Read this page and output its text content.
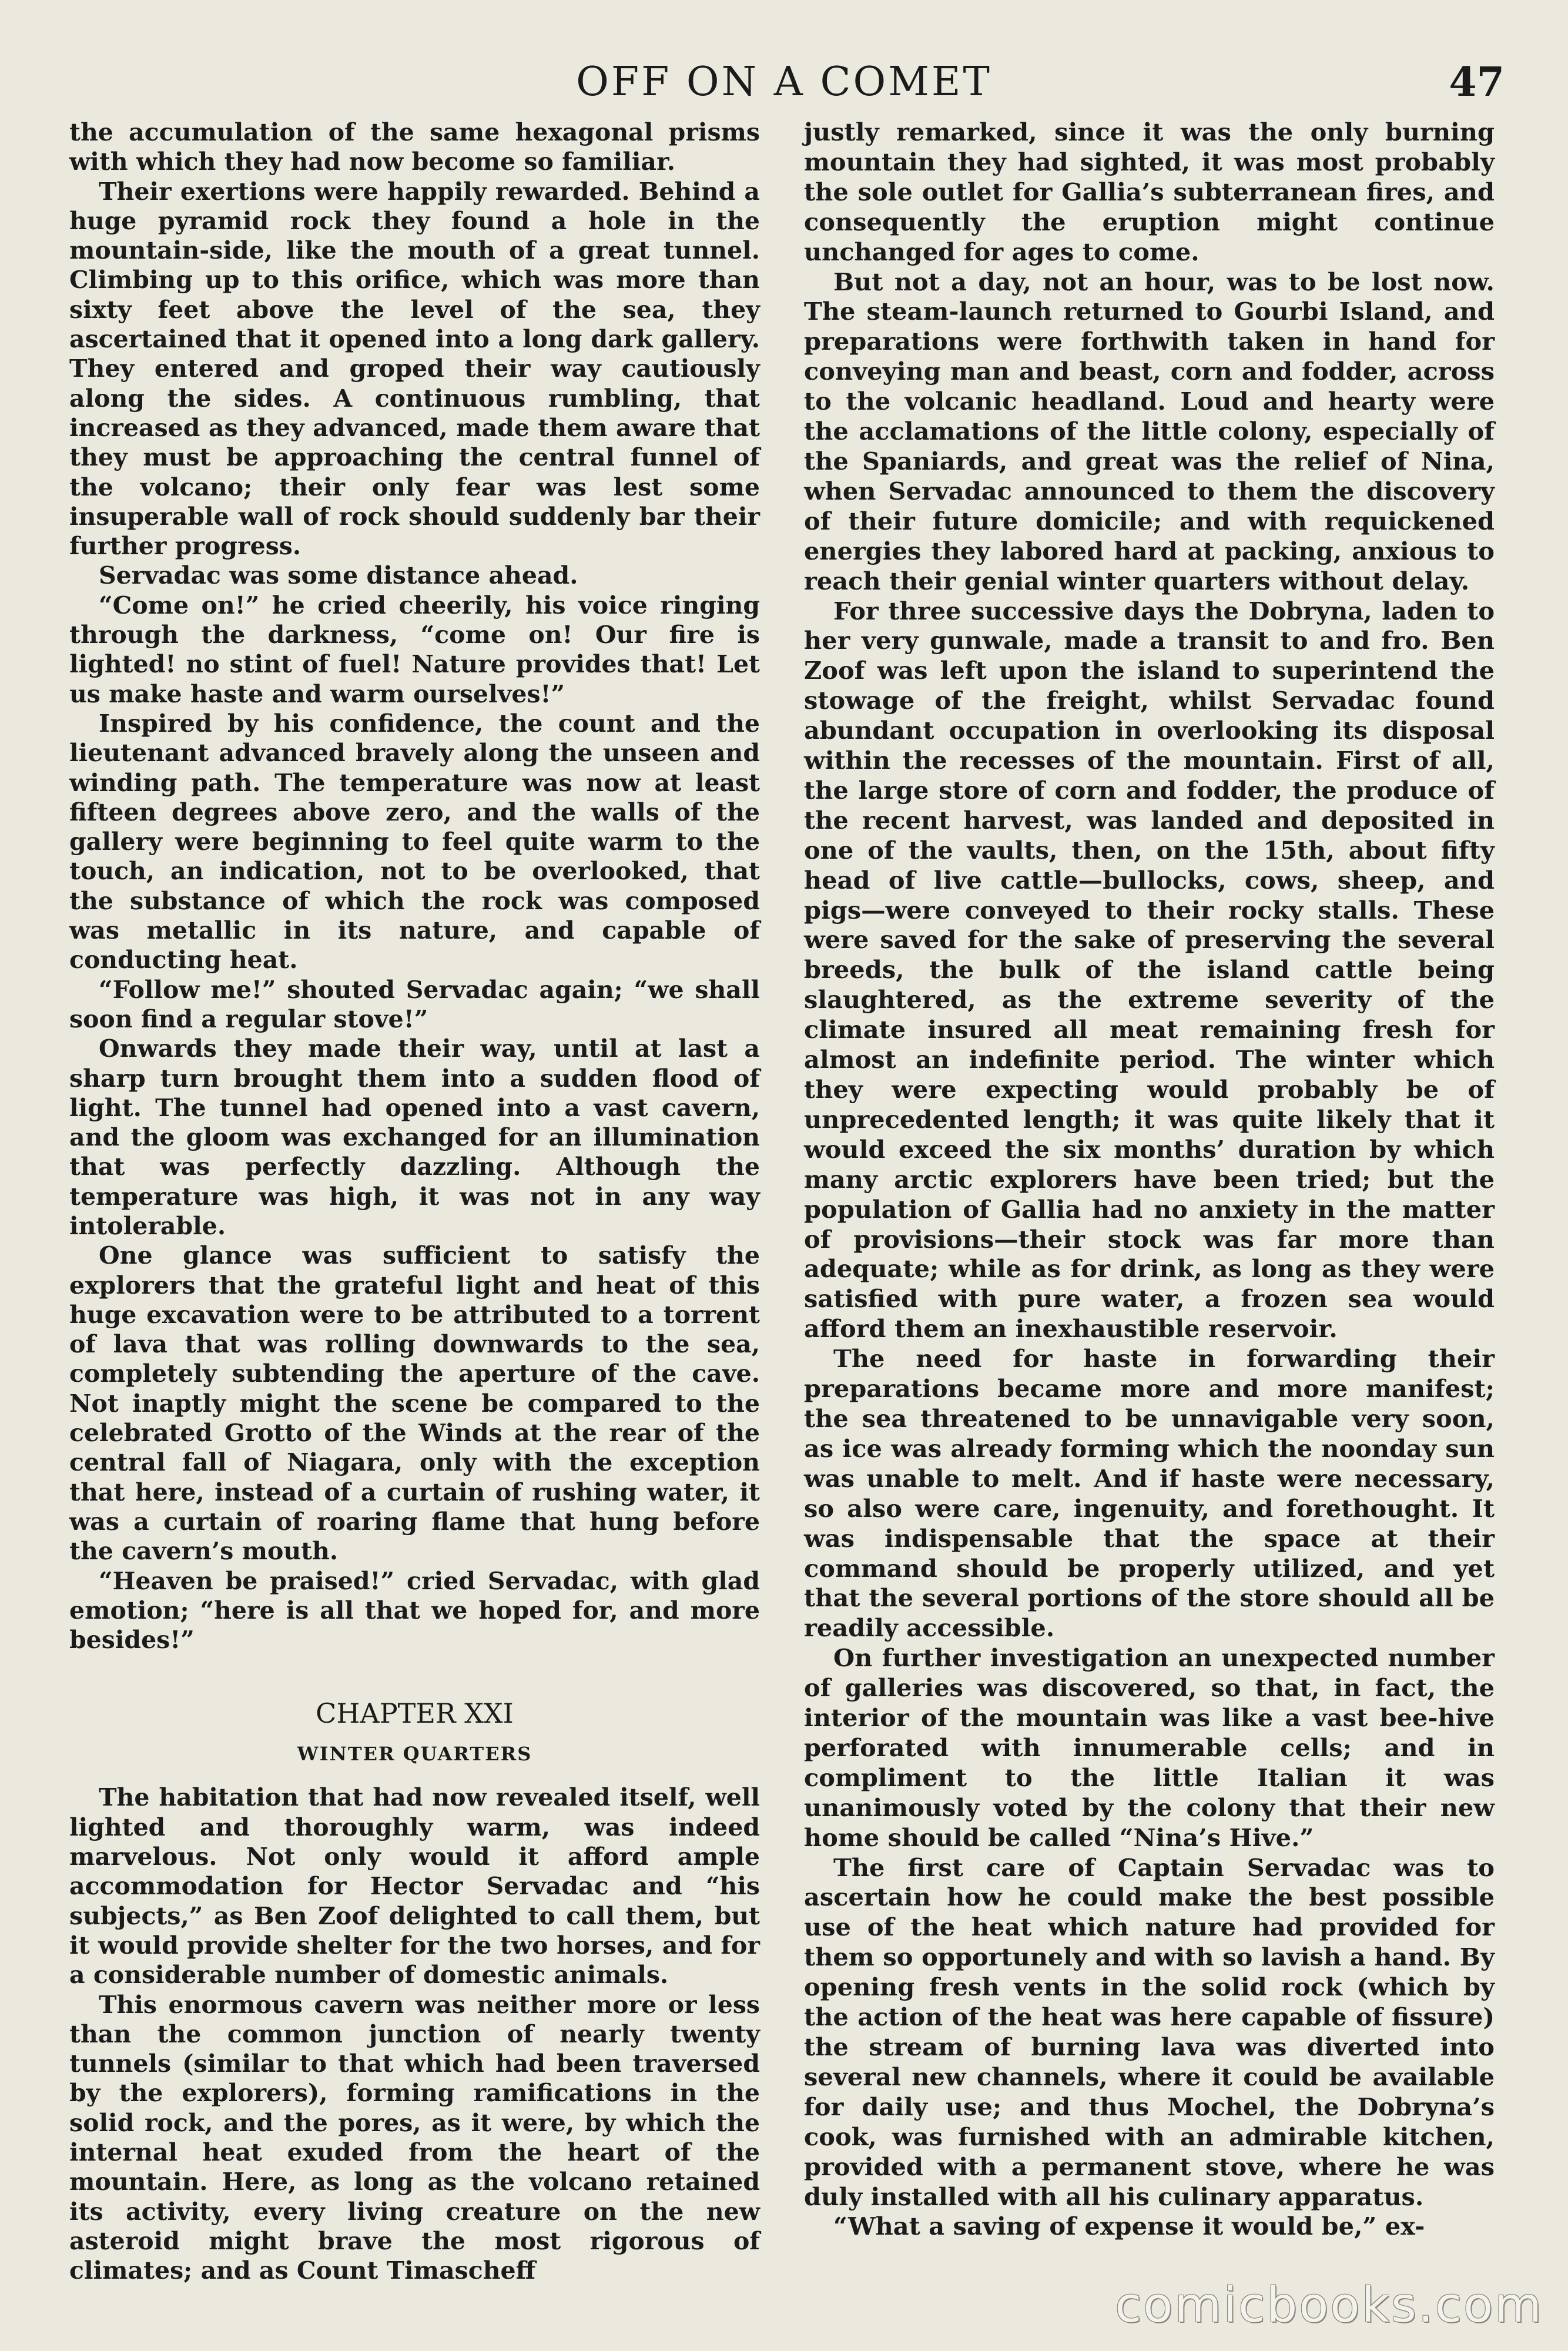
OFF ON A COMET	47

the accumulation of the same hexagonal prisms with which they had now become so familiar.

Their exertions were happily rewarded. Behind a huge pyramid rock they found a hole in the mountain-side, like the mouth of a great tunnel. Climbing up to this orifice, which was more than sixty feet above the level of the sea, they ascertained that it opened into a long dark gallery. They entered and groped their way cautiously along the sides. A continuous rumbling, that increased as they advanced, made them aware that they must be approaching the central funnel of the volcano; their only fear was lest some insuperable wall of rock should suddenly bar their further progress.

Servadac was some distance ahead.

“Come on!” he cried cheerily, his voice ringing through the darkness, “come on! Our fire is lighted! no stint of fuel! Nature provides that! Let us make haste and warm ourselves!”

Inspired by his confidence, the count and the lieutenant advanced bravely along the unseen and winding path. The temperature was now at least fifteen degrees above zero, and the walls of the gallery were beginning to feel quite warm to the touch, an indication, not to be overlooked, that the substance of which the rock was composed was metallic in its nature, and capable of conducting heat.

“Follow me!” shouted Servadac again; “we shall soon find a regular stove!”

Onwards they made their way, until at last a sharp turn brought them into a sudden flood of light. The tunnel had opened into a vast cavern, and the gloom was exchanged for an illumination that was perfectly dazzling. Although the temperature was high, it was not in any way intolerable.

One glance was sufficient to satisfy the explorers that the grateful light and heat of this huge excavation were to be attributed to a torrent of lava that was rolling downwards to the sea, completely subtending the aperture of the cave. Not inaptly might the scene be compared to the celebrated Grotto of the Winds at the rear of the central fall of Niagara, only with the exception that here, instead of a curtain of rushing water, it was a curtain of roaring flame that hung before the cavern’s mouth.

“Heaven be praised!” cried Servadac, with glad emotion; “here is all that we hoped for, and more besides!”

CHAPTER XXI
WINTER QUARTERS

The habitation that had now revealed itself, well lighted and thoroughly warm, was indeed marvelous. Not only would it afford ample accommodation for Hector Servadac and “his subjects,” as Ben Zoof delighted to call them, but it would provide shelter for the two horses, and for a considerable number of domestic animals.

This enormous cavern was neither more or less than the common junction of nearly twenty tunnels (similar to that which had been traversed by the explorers), forming ramifications in the solid rock, and the pores, as it were, by which the internal heat exuded from the heart of the mountain. Here, as long as the volcano retained its activity, every living creature on the new asteroid might brave the most rigorous of climates; and as Count Timascheff

justly remarked, since it was the only burning mountain they had sighted, it was most probably the sole outlet for Gallia’s subterranean fires, and consequently the eruption might continue unchanged for ages to come.

But not a day, not an hour, was to be lost now. The steam-launch returned to Gourbi Island, and preparations were forthwith taken in hand for conveying man and beast, corn and fodder, across to the volcanic headland. Loud and hearty were the acclamations of the little colony, especially of the Spaniards, and great was the relief of Nina, when Servadac announced to them the discovery of their future domicile; and with requickened energies they labored hard at packing, anxious to reach their genial winter quarters without delay.

For three successive days the Dobryna, laden to her very gunwale, made a transit to and fro. Ben Zoof was left upon the island to superintend the stowage of the freight, whilst Servadac found abundant occupation in overlooking its disposal within the recesses of the mountain. First of all, the large store of corn and fodder, the produce of the recent harvest, was landed and deposited in one of the vaults, then, on the 15th, about fifty head of live cattle—bullocks, cows, sheep, and pigs—were conveyed to their rocky stalls. These were saved for the sake of preserving the several breeds, the bulk of the island cattle being slaughtered, as the extreme severity of the climate insured all meat remaining fresh for almost an indefinite period. The winter which they were expecting would probably be of unprecedented length; it was quite likely that it would exceed the six months’ duration by which many arctic explorers have been tried; but the population of Gallia had no anxiety in the matter of provisions—their stock was far more than adequate; while as for drink, as long as they were satisfied with pure water, a frozen sea would afford them an inexhaustible reservoir.

The need for haste in forwarding their preparations became more and more manifest; the sea threatened to be unnavigable very soon, as ice was already forming which the noonday sun was unable to melt. And if haste were necessary, so also were care, ingenuity, and forethought. It was indispensable that the space at their command should be properly utilized, and yet that the several portions of the store should all be readily accessible.

On further investigation an unexpected number of galleries was discovered, so that, in fact, the interior of the mountain was like a vast bee-hive perforated with innumerable cells; and in compliment to the little Italian it was unanimously voted by the colony that their new home should be called “Nina’s Hive.”

The first care of Captain Servadac was to ascertain how he could make the best possible use of the heat which nature had provided for them so opportunely and with so lavish a hand. By opening fresh vents in the solid rock (which by the action of the heat was here capable of fissure) the stream of burning lava was diverted into several new channels, where it could be available for daily use; and thus Mochel, the Dobryna’s cook, was furnished with an admirable kitchen, provided with a permanent stove, where he was duly installed with all his culinary apparatus.

“What a saving of expense it would be,” ex-

comicbooks.com
